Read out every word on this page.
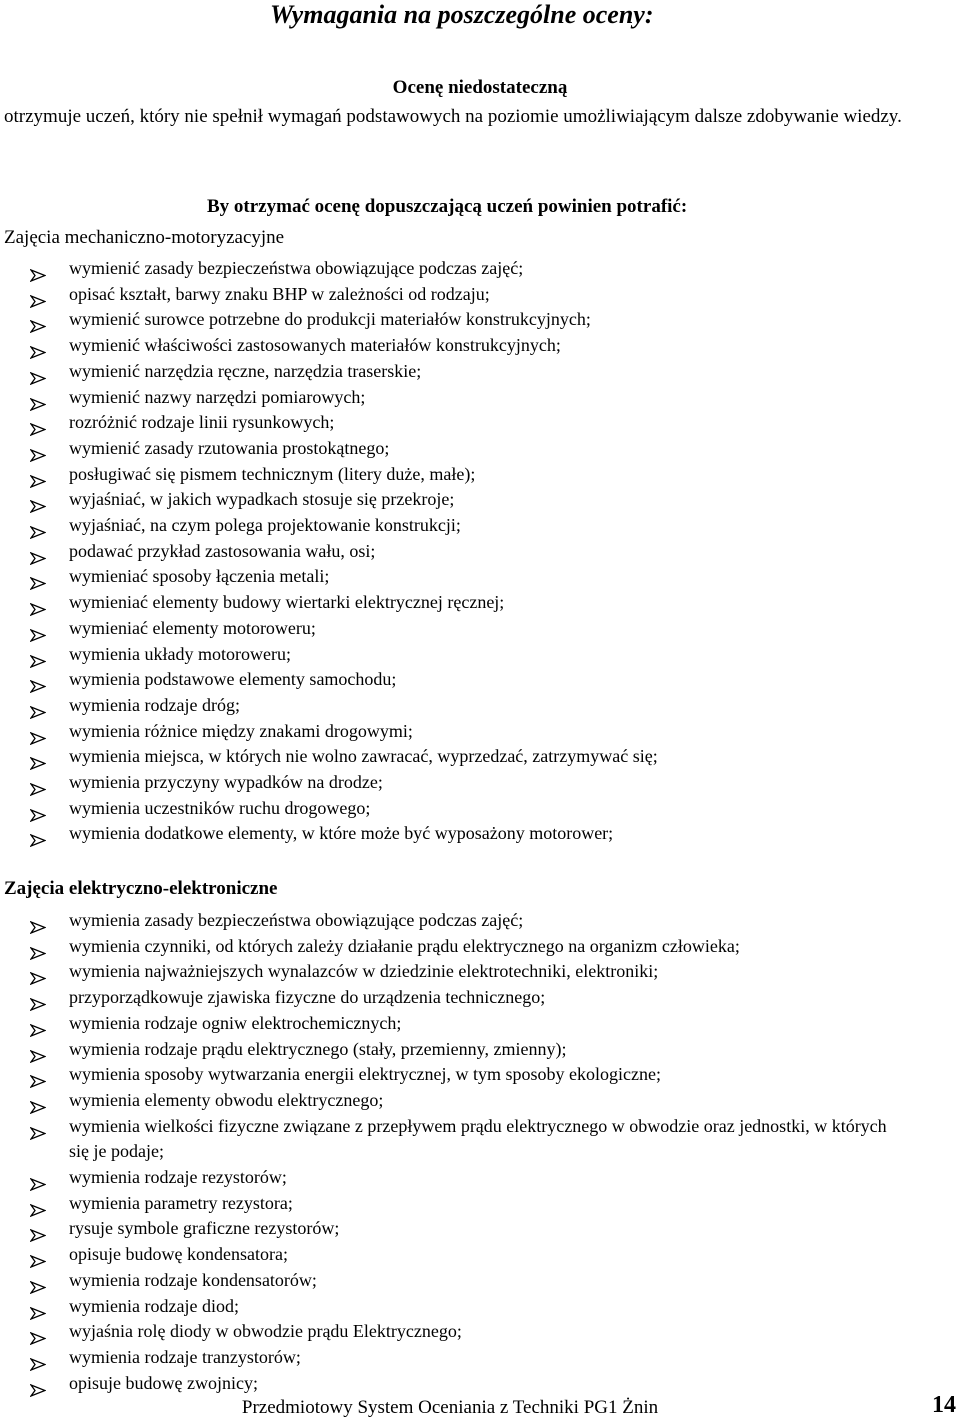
Wymagania na poszczególne oceny:
Ocenę niedostateczną
otrzymuje uczeń, który nie spełnił wymagań podstawowych na poziomie umożliwiającym dalsze zdobywanie wiedzy.
By otrzymać ocenę dopuszczającą uczeń powinien potrafić:
Zajęcia mechaniczno-motoryzacyjne
wymienić zasady bezpieczeństwa obowiązujące podczas zajęć;
opisać kształt, barwy znaku BHP w zależności od rodzaju;
wymienić surowce potrzebne do produkcji materiałów konstrukcyjnych;
wymienić właściwości zastosowanych materiałów konstrukcyjnych;
wymienić narzędzia ręczne, narzędzia traserskie;
wymienić nazwy narzędzi pomiarowych;
rozróżnić rodzaje linii rysunkowych;
wymienić zasady rzutowania prostokątnego;
posługiwać się pismem technicznym (litery duże, małe);
wyjaśniać, w jakich wypadkach stosuje się przekroje;
wyjaśniać, na czym polega projektowanie konstrukcji;
podawać przykład zastosowania wału, osi;
wymieniać sposoby łączenia metali;
wymieniać elementy budowy wiertarki elektrycznej ręcznej;
wymieniać elementy motoroweru;
wymienia układy motoroweru;
wymienia podstawowe elementy samochodu;
wymienia rodzaje dróg;
wymienia różnice między znakami drogowymi;
wymienia miejsca, w których nie wolno zawracać, wyprzedzać, zatrzymywać się;
wymienia przyczyny wypadków na drodze;
wymienia uczestników ruchu drogowego;
wymienia dodatkowe elementy, w które może być wyposażony motorower;
Zajęcia elektryczno-elektroniczne
wymienia zasady bezpieczeństwa obowiązujące podczas zajęć;
wymienia czynniki, od których zależy działanie prądu elektrycznego na organizm człowieka;
wymienia najważniejszych wynalazców w dziedzinie elektrotechniki, elektroniki;
przyporządkowuje zjawiska fizyczne do urządzenia technicznego;
wymienia rodzaje ogniw elektrochemicznych;
wymienia rodzaje prądu elektrycznego (stały, przemienny, zmienny);
wymienia sposoby wytwarzania energii elektrycznej, w tym sposoby ekologiczne;
wymienia elementy obwodu elektrycznego;
wymienia wielkości fizyczne związane z przepływem prądu elektrycznego w obwodzie oraz jednostki, w których się je podaje;
wymienia rodzaje rezystorów;
wymienia parametry rezystora;
rysuje symbole graficzne rezystorów;
opisuje budowę kondensatora;
wymienia rodzaje kondensatorów;
wymienia rodzaje diod;
wyjaśnia rolę diody w obwodzie prądu Elektrycznego;
wymienia rodzaje tranzystorów;
opisuje budowę zwojnicy;
Przedmiotowy System Oceniania z Techniki PG1 Żnin	14
